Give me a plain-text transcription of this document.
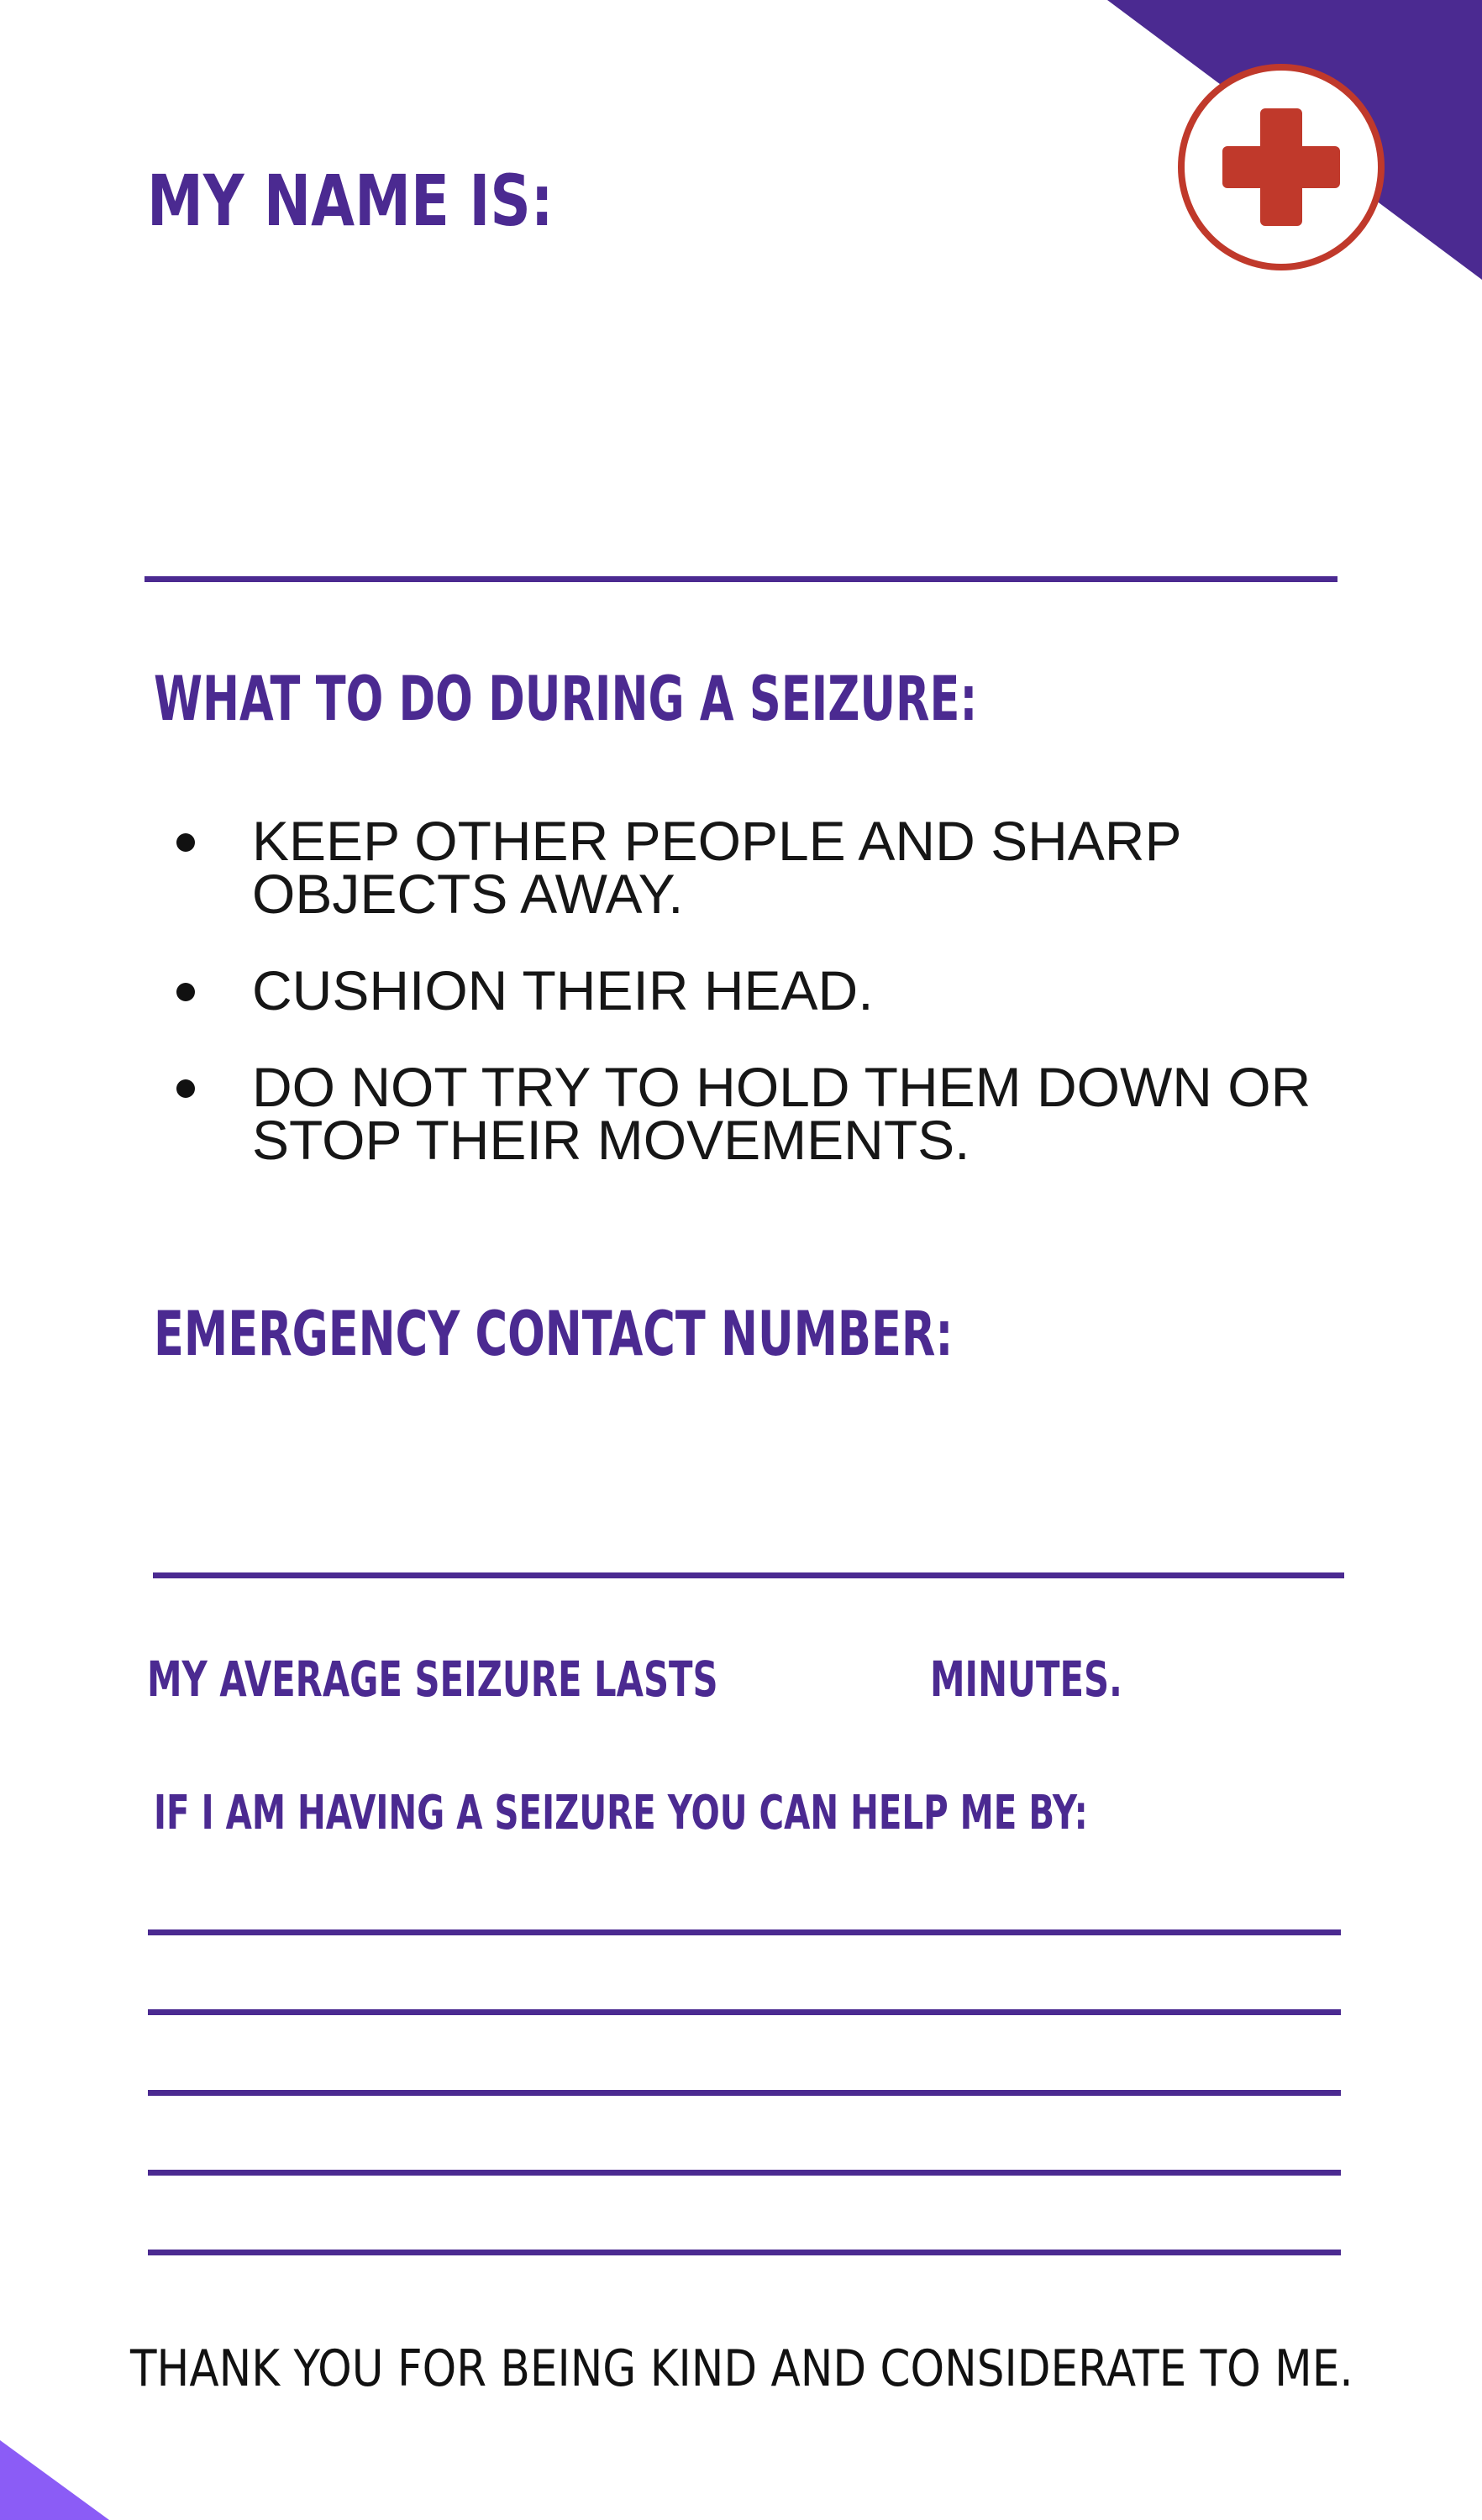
MY NAME IS:
WHAT TO DO DURING A SEIZURE:
KEEP OTHER PEOPLE AND SHARP OBJECTS AWAY.
CUSHION THEIR HEAD.
DO NOT TRY TO HOLD THEM DOWN OR STOP THEIR MOVEMENTS.
EMERGENCY CONTACT NUMBER:

MY AVERAGE SEIZURE LASTS	MINUTES.

IF I AM HAVING A SEIZURE YOU CAN HELP ME BY:

THANK YOU FOR BEING KIND AND CONSIDERATE TO ME.
